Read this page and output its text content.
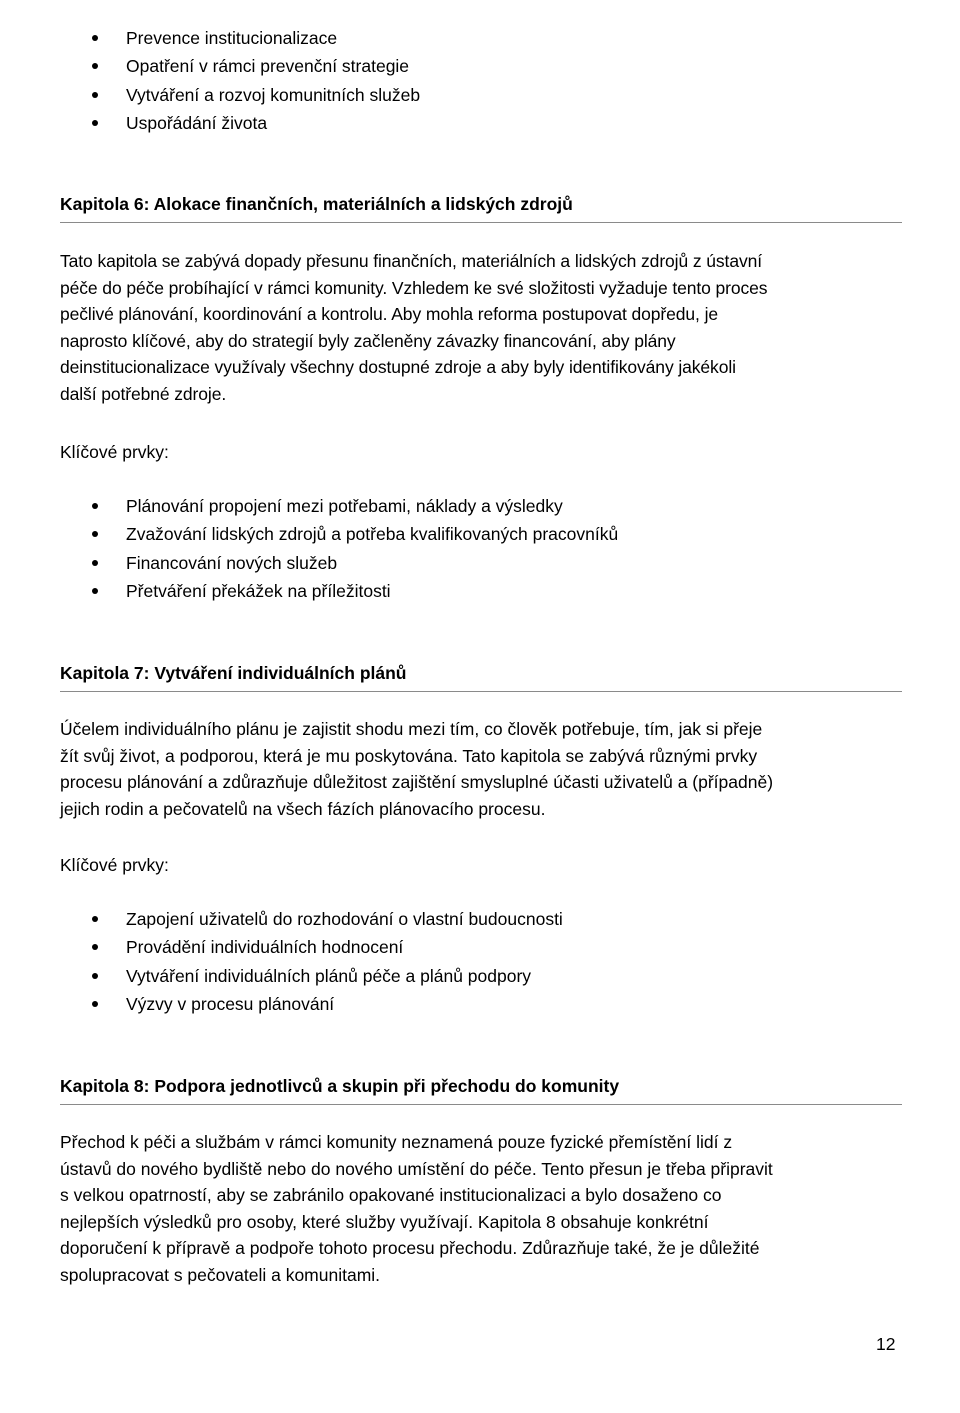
Prevence institucionalizace
Opatření v rámci prevenční strategie
Vytváření a rozvoj komunitních služeb
Uspořádání života
Kapitola 6: Alokace finančních, materiálních a lidských zdrojů

Tato kapitola se zabývá dopady přesunu finančních, materiálních a lidských zdrojů z ústavní
péče do péče probíhající v rámci komunity. Vzhledem ke své složitosti vyžaduje tento proces
pečlivé plánování, koordinování a kontrolu. Aby mohla reforma postupovat dopředu, je
naprosto klíčové, aby do strategií byly začleněny závazky financování, aby plány
deinstitucionalizace využívaly všechny dostupné zdroje a aby byly identifikovány jakékoli
další potřebné zdroje.

Klíčové prvky:

Plánování propojení mezi potřebami, náklady a výsledky
Zvažování lidských zdrojů a potřeba kvalifikovaných pracovníků
Financování nových služeb
Přetváření překážek na příležitosti
Kapitola 7: Vytváření individuálních plánů

Účelem individuálního plánu je zajistit shodu mezi tím, co člověk potřebuje, tím, jak si přeje
žít svůj život, a podporou, která je mu poskytována. Tato kapitola se zabývá různými prvky
procesu plánování a zdůrazňuje důležitost zajištění smysluplné účasti uživatelů a (případně)
jejich rodin a pečovatelů na všech fázích plánovacího procesu.

Klíčové prvky:

Zapojení uživatelů do rozhodování o vlastní budoucnosti
Provádění individuálních hodnocení
Vytváření individuálních plánů péče a plánů podpory
Výzvy v procesu plánování
Kapitola 8: Podpora jednotlivců a skupin při přechodu do komunity

Přechod k péči a službám v rámci komunity neznamená pouze fyzické přemístění lidí z
ústavů do nového bydliště nebo do nového umístění do péče. Tento přesun je třeba připravit
s velkou opatrností, aby se zabránilo opakované institucionalizaci a bylo dosaženo co
nejlepších výsledků pro osoby, které služby využívají. Kapitola 8 obsahuje konkrétní
doporučení k přípravě a podpoře tohoto procesu přechodu. Zdůrazňuje také, že je důležité
spolupracovat s pečovateli a komunitami.

12
